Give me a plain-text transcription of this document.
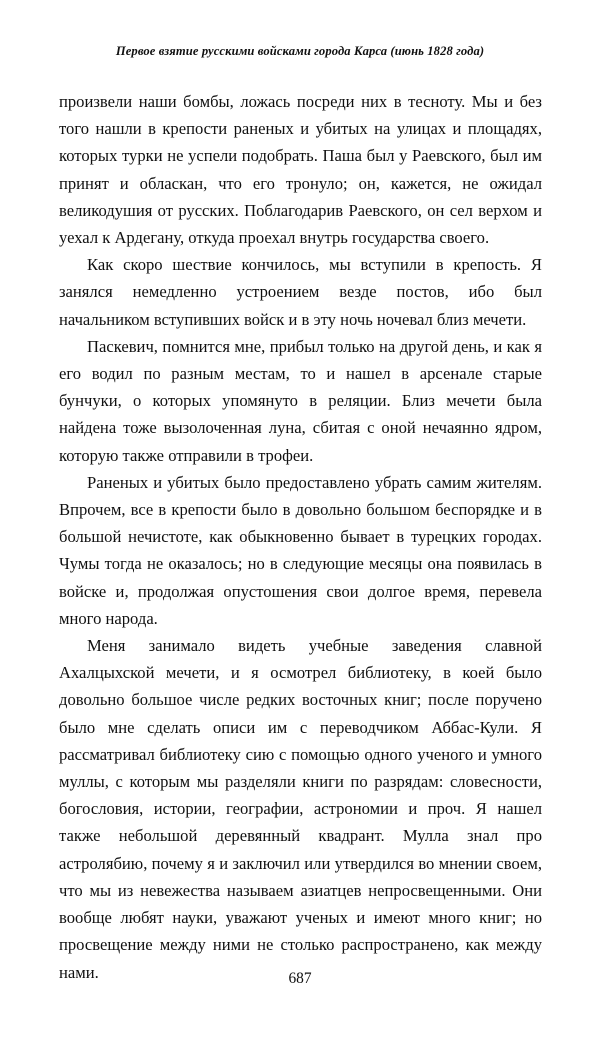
Первое взятие русскими войсками города Карса (июнь 1828 года)

произвели наши бомбы, ложась посреди них в тесноту. Мы и без того нашли в крепости раненых и убитых на улицах и площадях, которых турки не успели подобрать. Паша был у Раевского, был им принят и обласкан, что его тронуло; он, кажется, не ожидал великодушия от русских. Поблагодарив Раевского, он сел верхом и уехал к Ардегану, откуда проехал внутрь государства своего.

Как скоро шествие кончилось, мы вступили в крепость. Я занялся немедленно устроением везде постов, ибо был начальником вступивших войск и в эту ночь ночевал близ мечети.

Паскевич, помнится мне, прибыл только на другой день, и как я его водил по разным местам, то и нашел в арсенале старые бунчуки, о которых упомянуто в реляции. Близ мечети была найдена тоже вызолоченная луна, сбитая с оной нечаянно ядром, которую также отправили в трофеи.

Раненых и убитых было предоставлено убрать самим жителям. Впрочем, все в крепости было в довольно большом беспорядке и в большой нечистоте, как обыкновенно бывает в турецких городах. Чумы тогда не оказалось; но в следующие месяцы она появилась в войске и, продолжая опустошения свои долгое время, перевела много народа.

Меня занимало видеть учебные заведения славной Ахалцыхской мечети, и я осмотрел библиотеку, в коей было довольно большое числе редких восточных книг; после поручено было мне сделать описи им с переводчиком Аббас-Кули. Я рассматривал библиотеку сию с помощью одного ученого и умного муллы, с которым мы разделяли книги по разрядам: словесности, богословия, истории, географии, астрономии и проч. Я нашел также небольшой деревянный квадрант. Мулла знал про астролябию, почему я и заключил или утвердился во мнении своем, что мы из невежества называем азиатцев непросвещенными. Они вообще любят науки, уважают ученых и имеют много книг; но просвещение между ними не столько распространено, как между нами.	687
